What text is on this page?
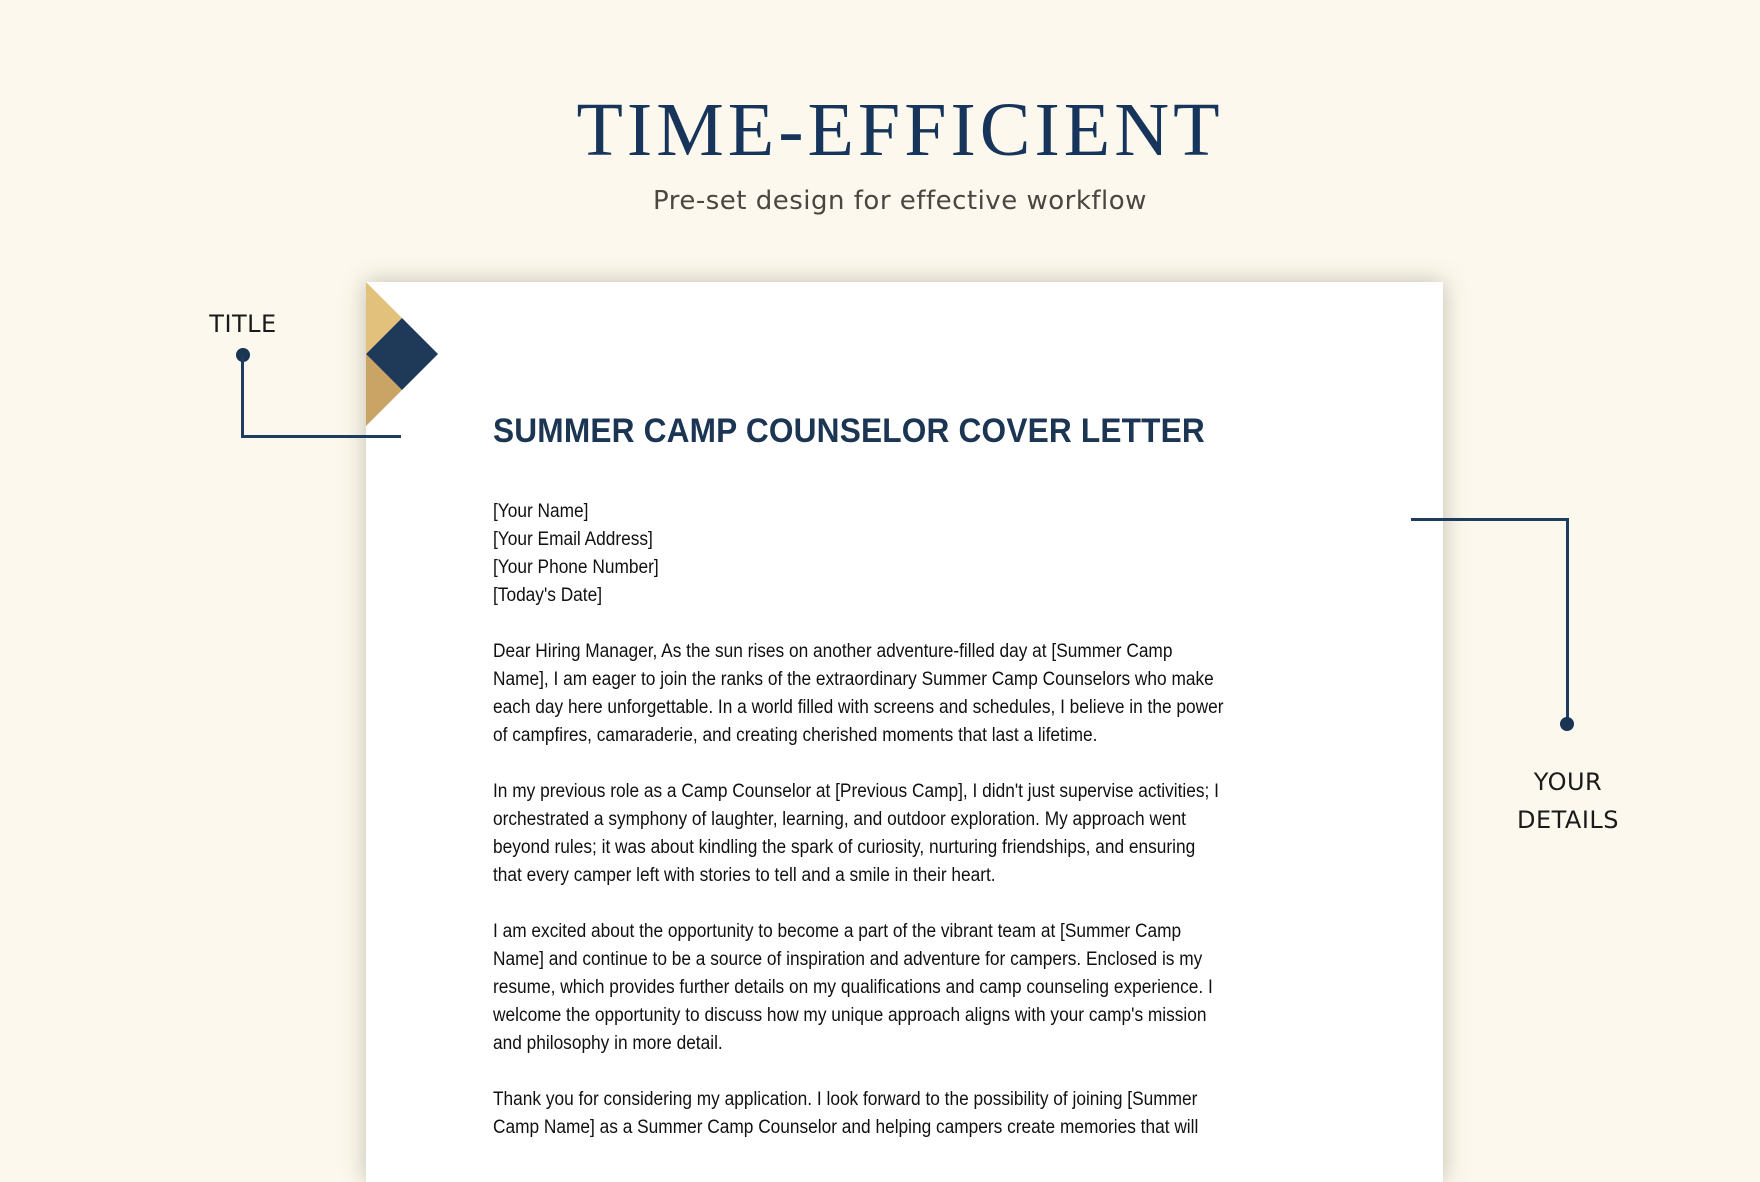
TIME-EFFICIENT
Pre-set design for effective workflow
TITLE
SUMMER CAMP COUNSELOR COVER LETTER
[Your Name]
[Your Email Address]
[Your Phone Number]
[Today's Date]
Dear Hiring Manager, As the sun rises on another adventure-filled day at [Summer Camp
Name], I am eager to join the ranks of the extraordinary Summer Camp Counselors who make
each day here unforgettable. In a world filled with screens and schedules, I believe in the power
of campfires, camaraderie, and creating cherished moments that last a lifetime.
In my previous role as a Camp Counselor at [Previous Camp], I didn't just supervise activities; I
orchestrated a symphony of laughter, learning, and outdoor exploration. My approach went
beyond rules; it was about kindling the spark of curiosity, nurturing friendships, and ensuring
that every camper left with stories to tell and a smile in their heart.
I am excited about the opportunity to become a part of the vibrant team at [Summer Camp
Name] and continue to be a source of inspiration and adventure for campers. Enclosed is my
resume, which provides further details on my qualifications and camp counseling experience. I
welcome the opportunity to discuss how my unique approach aligns with your camp's mission
and philosophy in more detail.
Thank you for considering my application. I look forward to the possibility of joining [Summer
Camp Name] as a Summer Camp Counselor and helping campers create memories that will
YOUR
DETAILS
